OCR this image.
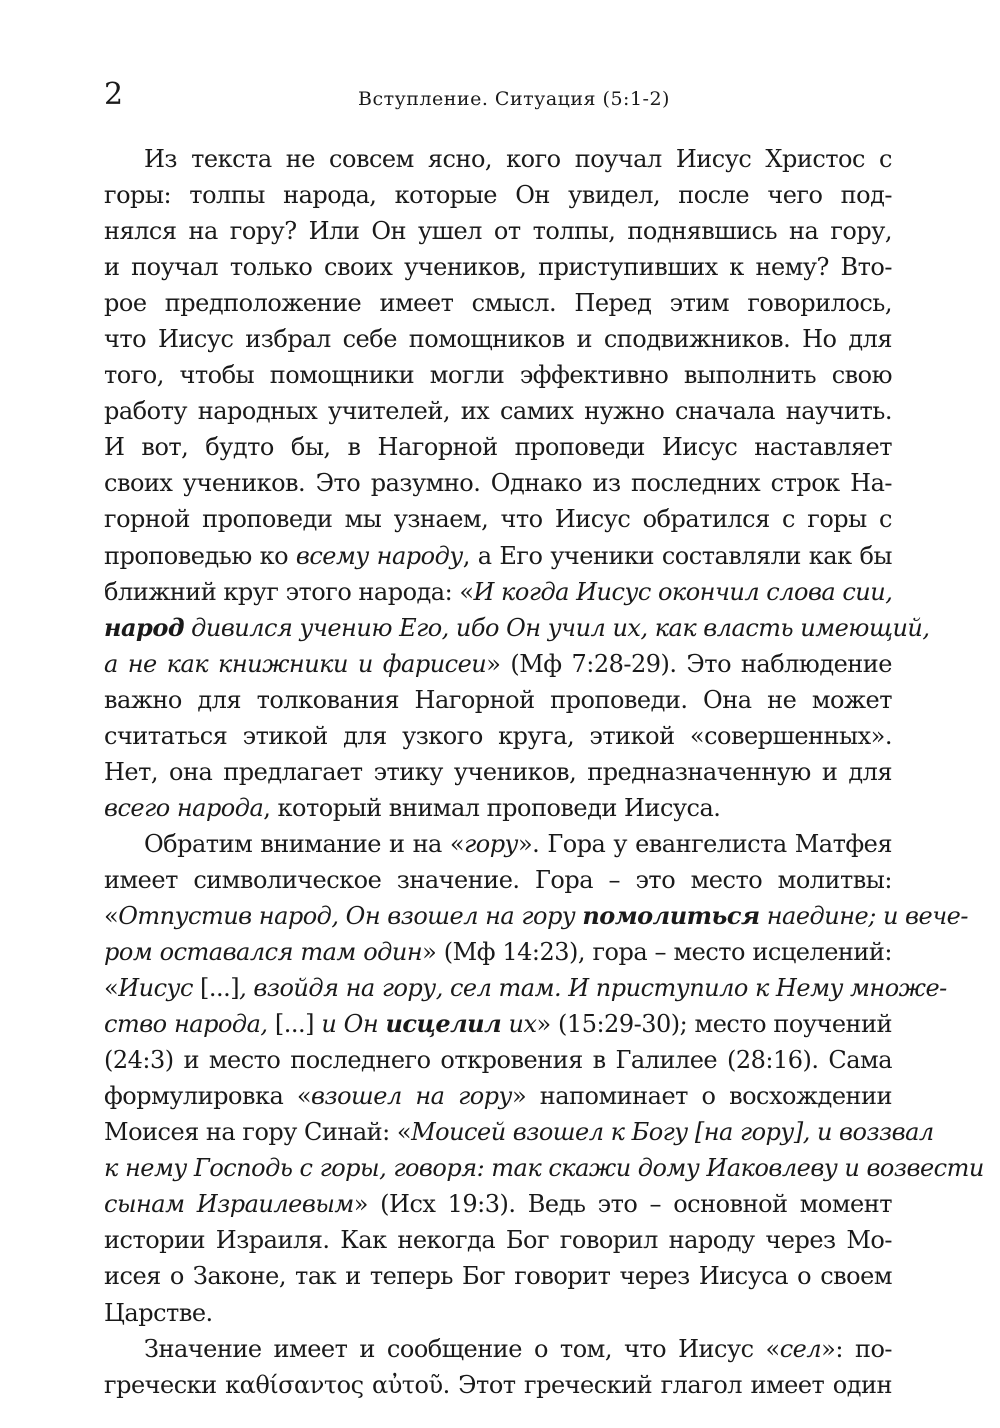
2	Вступление. Ситуация (5:1-2)
Из текста не совсем ясно, кого поучал Иисус Христос с
горы: толпы народа, которые Он увидел, после чего под-
нялся на гору? Или Он ушел от толпы, поднявшись на гору,
и поучал только своих учеников, приступивших к нему? Вто-
рое предположение имеет смысл. Перед этим говорилось,
что Иисус избрал себе помощников и сподвижников. Но для
того, чтобы помощники могли эффективно выполнить свою
работу народных учителей, их самих нужно сначала научить.
И вот, будто бы, в Нагорной проповеди Иисус наставляет
своих учеников. Это разумно. Однако из последних строк На-
горной проповеди мы узнаем, что Иисус обратился с горы с
проповедью ко всему народу, а Его ученики составляли как бы
ближний круг этого народа: «И когда Иисус окончил слова сии,
народ дивился учению Его, ибо Он учил их, как власть имеющий,
а не как книжники и фарисеи» (Мф 7:28-29). Это наблюдение
важно для толкования Нагорной проповеди. Она не может
считаться этикой для узкого круга, этикой «совершенных».
Нет, она предлагает этику учеников, предназначенную и для
всего народа, который внимал проповеди Иисуса.
Обратим внимание и на «гору». Гора у евангелиста Матфея
имеет символическое значение. Гора – это место молитвы:
«Отпустив народ, Он взошел на гору помолиться наедине; и вече-
ром оставался там один» (Мф 14:23), гора – место исцелений:
«Иисус [...], взойдя на гору, сел там. И приступило к Нему множе-
ство народа, [...] и Он исцелил их» (15:29-30); место поучений
(24:3) и место последнего откровения в Галилее (28:16). Сама
формулировка «взошел на гору» напоминает о восхождении
Моисея на гору Синай: «Моисей взошел к Богу [на гору], и воззвал
к нему Господь с горы, говоря: так скажи дому Иаковлеву и возвести
сынам Израилевым» (Исх 19:3). Ведь это – основной момент
истории Израиля. Как некогда Бог говорил народу через Мо-
исея о Законе, так и теперь Бог говорит через Иисуса о своем
Царстве.
Значение имеет и сообщение о том, что Иисус «сел»: по-
гречески καθίσαντος αὐτοῦ. Этот греческий глагол имеет один
